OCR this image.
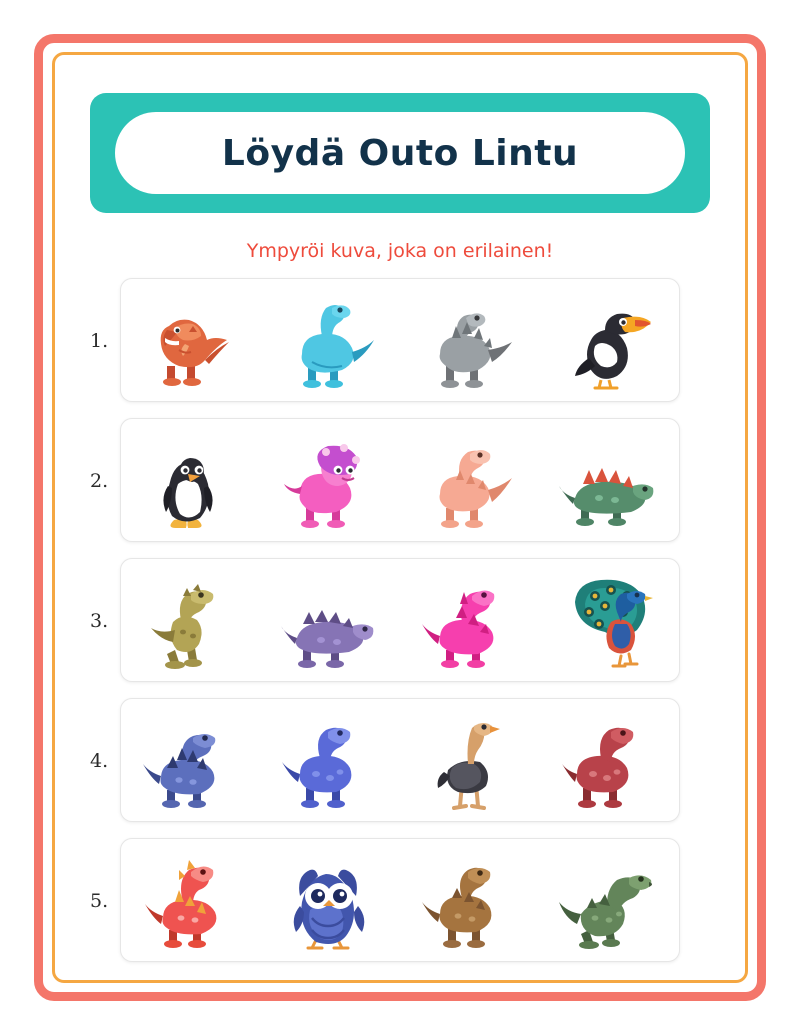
Löydä Outo Lintu
Ympyröi kuva, joka on erilainen!
1.
2.
3.
4.
5.
